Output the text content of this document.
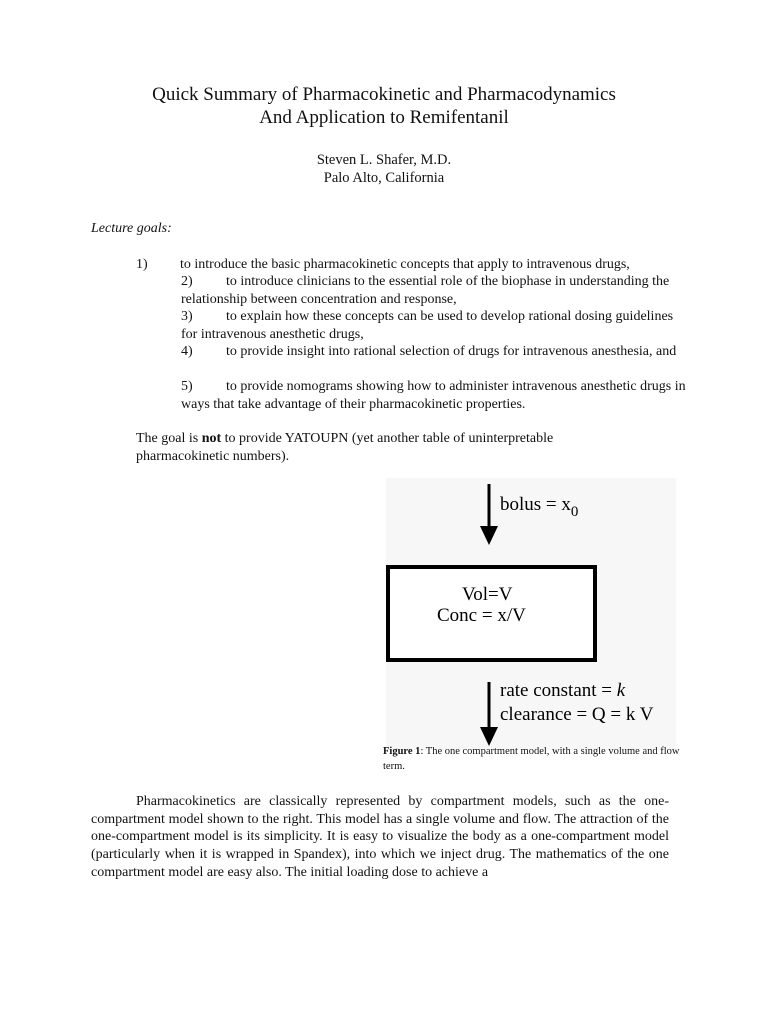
Quick Summary of Pharmacokinetic and Pharmacodynamics
And Application to Remifentanil
Steven L. Shafer, M.D.
Palo Alto, California
Lecture goals:
1) to introduce the basic pharmacokinetic concepts that apply to intravenous drugs,
2) to introduce clinicians to the essential role of the biophase in understanding the relationship between concentration and response,
3) to explain how these concepts can be used to develop rational dosing guidelines for intravenous anesthetic drugs,
4) to provide insight into rational selection of drugs for intravenous anesthesia, and
5) to provide nomograms showing how to administer intravenous anesthetic drugs in ways that take advantage of their pharmacokinetic properties.
The goal is not to provide YATOUPN (yet another table of uninterpretable pharmacokinetic numbers).
bolus = $x_0$
Vol=V
Conc = x/V
rate constant = k
clearance = Q = k V
Figure 1: The one compartment model, with a single volume and flow term.
Pharmacokinetics are classically represented by compartment models, such as the one-compartment model shown to the right. This model has a single volume and flow. The attraction of the one-compartment model is its simplicity. It is easy to visualize the body as a one-compartment model (particularly when it is wrapped in Spandex), into which we inject drug. The mathematics of the one compartment model are easy also. The initial loading dose to achieve a
